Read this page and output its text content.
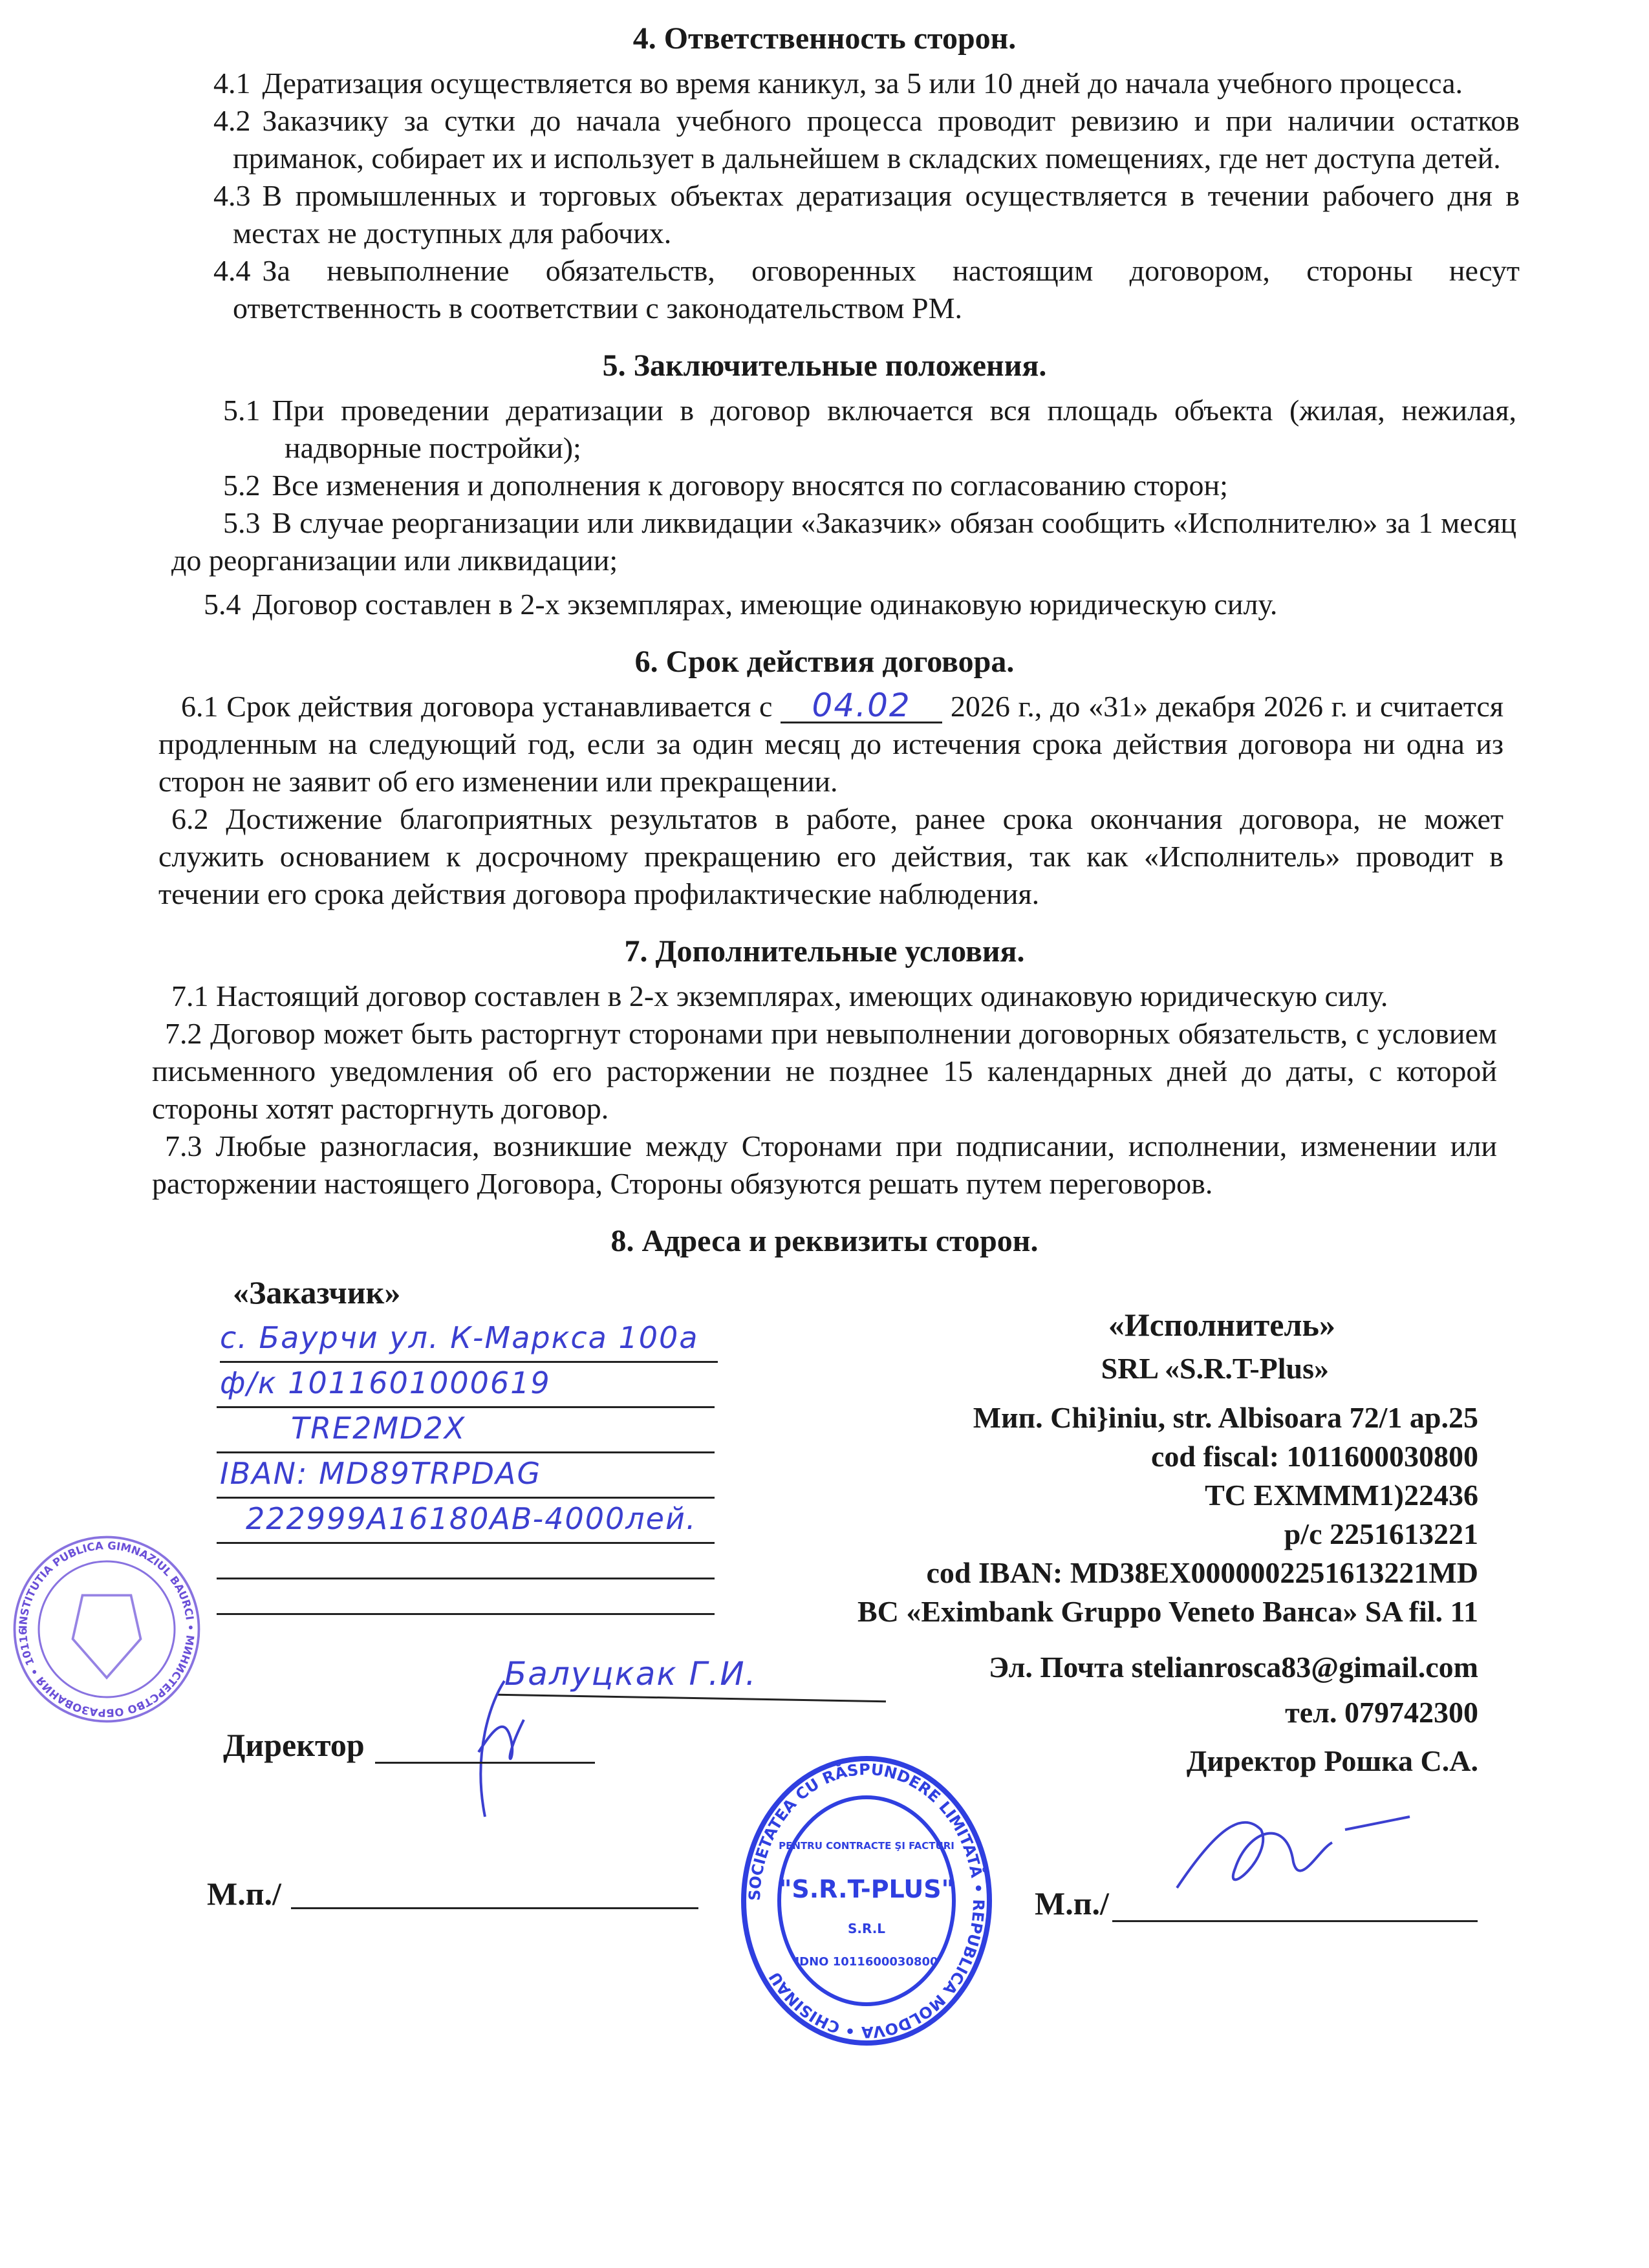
4. Ответственность сторон.
4.1 Дератизация осуществляется во время каникул, за 5 или 10 дней до начала учебного процесса.
4.2 Заказчику за сутки до начала учебного процесса проводит ревизию и при наличии остатков приманок, собирает их и использует в дальнейшем в складских помещениях, где нет доступа детей.
4.3 В промышленных и торговых объектах дератизация осуществляется в течении рабочего дня в местах не доступных для рабочих.
4.4 За невыполнение обязательств, оговоренных настоящим договором, стороны несут ответственность в соответствии с законодательством РМ.
5. Заключительные положения.
5.1 При проведении дератизации в договор включается вся площадь объекта (жилая, нежилая, надворные постройки);
5.2 Все изменения и дополнения к договору вносятся по согласованию сторон;
5.3 В случае реорганизации или ликвидации «Заказчик» обязан сообщить «Исполнителю» за 1 месяц до реорганизации или ликвидации;
5.4 Договор составлен в 2-х экземплярах, имеющие одинаковую юридическую силу.
6. Срок действия договора.
6.1 Срок действия договора устанавливается с 04.02 2026 г., до «31» декабря 2026 г. и считается продленным на следующий год, если за один месяц до истечения срока действия договора ни одна из сторон не заявит об его изменении или прекращении.
6.2 Достижение благоприятных результатов в работе, ранее срока окончания договора, не может служить основанием к досрочному прекращению его действия, так как «Исполнитель» проводит в течении его срока действия договора профилактические наблюдения.
7. Дополнительные условия.
7.1 Настоящий договор составлен в 2-х экземплярах, имеющих одинаковую юридическую силу.
7.2 Договор может быть расторгнут сторонами при невыполнении договорных обязательств, с условием письменного уведомления об его расторжении не позднее 15 календарных дней до даты, с которой стороны хотят расторгнуть договор.
7.3 Любые разногласия, возникшие между Сторонами при подписании, исполнении, изменении или расторжении настоящего Договора, Стороны обязуются решать путем переговоров.
8. Адреса и реквизиты сторон.
INSTITUTIA PUBLICA GIMNAZIUL BAURCI • МИНИСТЕРСТВО ОБРАЗОВАНИЯ • 1011601000619
«Заказчик»
с. Баурчи ул. К-Маркса 100а
ф/к 1011601000619
TRE2MD2X
IBAN: MD89TRPDAG
222999A16180AB-4000лей.
Балуцкак Г.И.
Директор
М.п./
«Исполнитель»
SRL «S.R.T-Plus»
Мип. Chi}iniu, str. Albisoara 72/1 ap.25
cod fiscal: 1011600030800
TC EXMMM1)22436
p/c 2251613221
cod IBAN: MD38EX0000002251613221MD
BC «Eximbank Gruppo Veneto Ванса» SA fil. 11
Эл. Почта stelianrosca83@gimail.com
тел. 079742300
Директор Рошка С.А.
М.п./
SOCIETATEA CU RĂSPUNDERE LIMITATĂ • REPUBLICA MOLDOVA • CHISINAU
PENTRU CONTRACTE ŞI FACTURI
"S.R.T-PLUS"
S.R.L
IDNO 1011600030800
